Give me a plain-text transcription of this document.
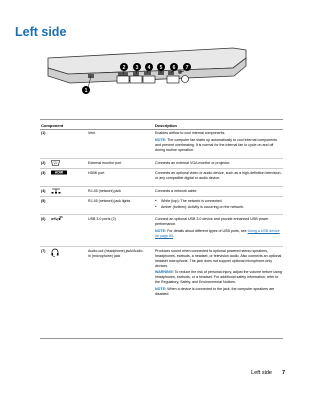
Left side
1
2 3 4 5 6 7
Component	Description
(1)	Vent	Enables airflow to cool internal components.

NOTE: The computer fan starts up automatically to cool internal components and prevent overheating. It is normal for the internal fan to cycle on and off during routine operation.

(2)	External monitor port	Connects an external VGA monitor or projector.
(3)	HDMI	HDMI port	Connects an optional video or audio device, such as a high-definition television, or any compatible digital or audio device.
(4)	RJ-45 (network) jack	Connects a network cable.
(5)	RJ-45 (network) jack lights
●	White (top): The network is connected.
● Amber (bottom): Activity is occurring on the network.
(6)	SS	USB 3.0 ports (2)	Connect an optional USB 3.0 device and provide enhanced USB power performance.

NOTE: For details about different types of USB ports, see Using a USB device on page 65.

(7)	Audio-out (headphone) jack/Audio-in (microphone) jack

Produces sound when connected to optional powered stereo speakers, headphones, earbuds, a headset, or television audio. Also connects an optional headset microphone. The jack does not support optional microphone-only devices.

WARNING! To reduce the risk of personal injury, adjust the volume before using headphones, earbuds, or a headset. For additional safety information, refer to the Regulatory, Safety, and Environmental Notices.

NOTE: When a device is connected to the jack, the computer speakers are disabled.

Left side 7
